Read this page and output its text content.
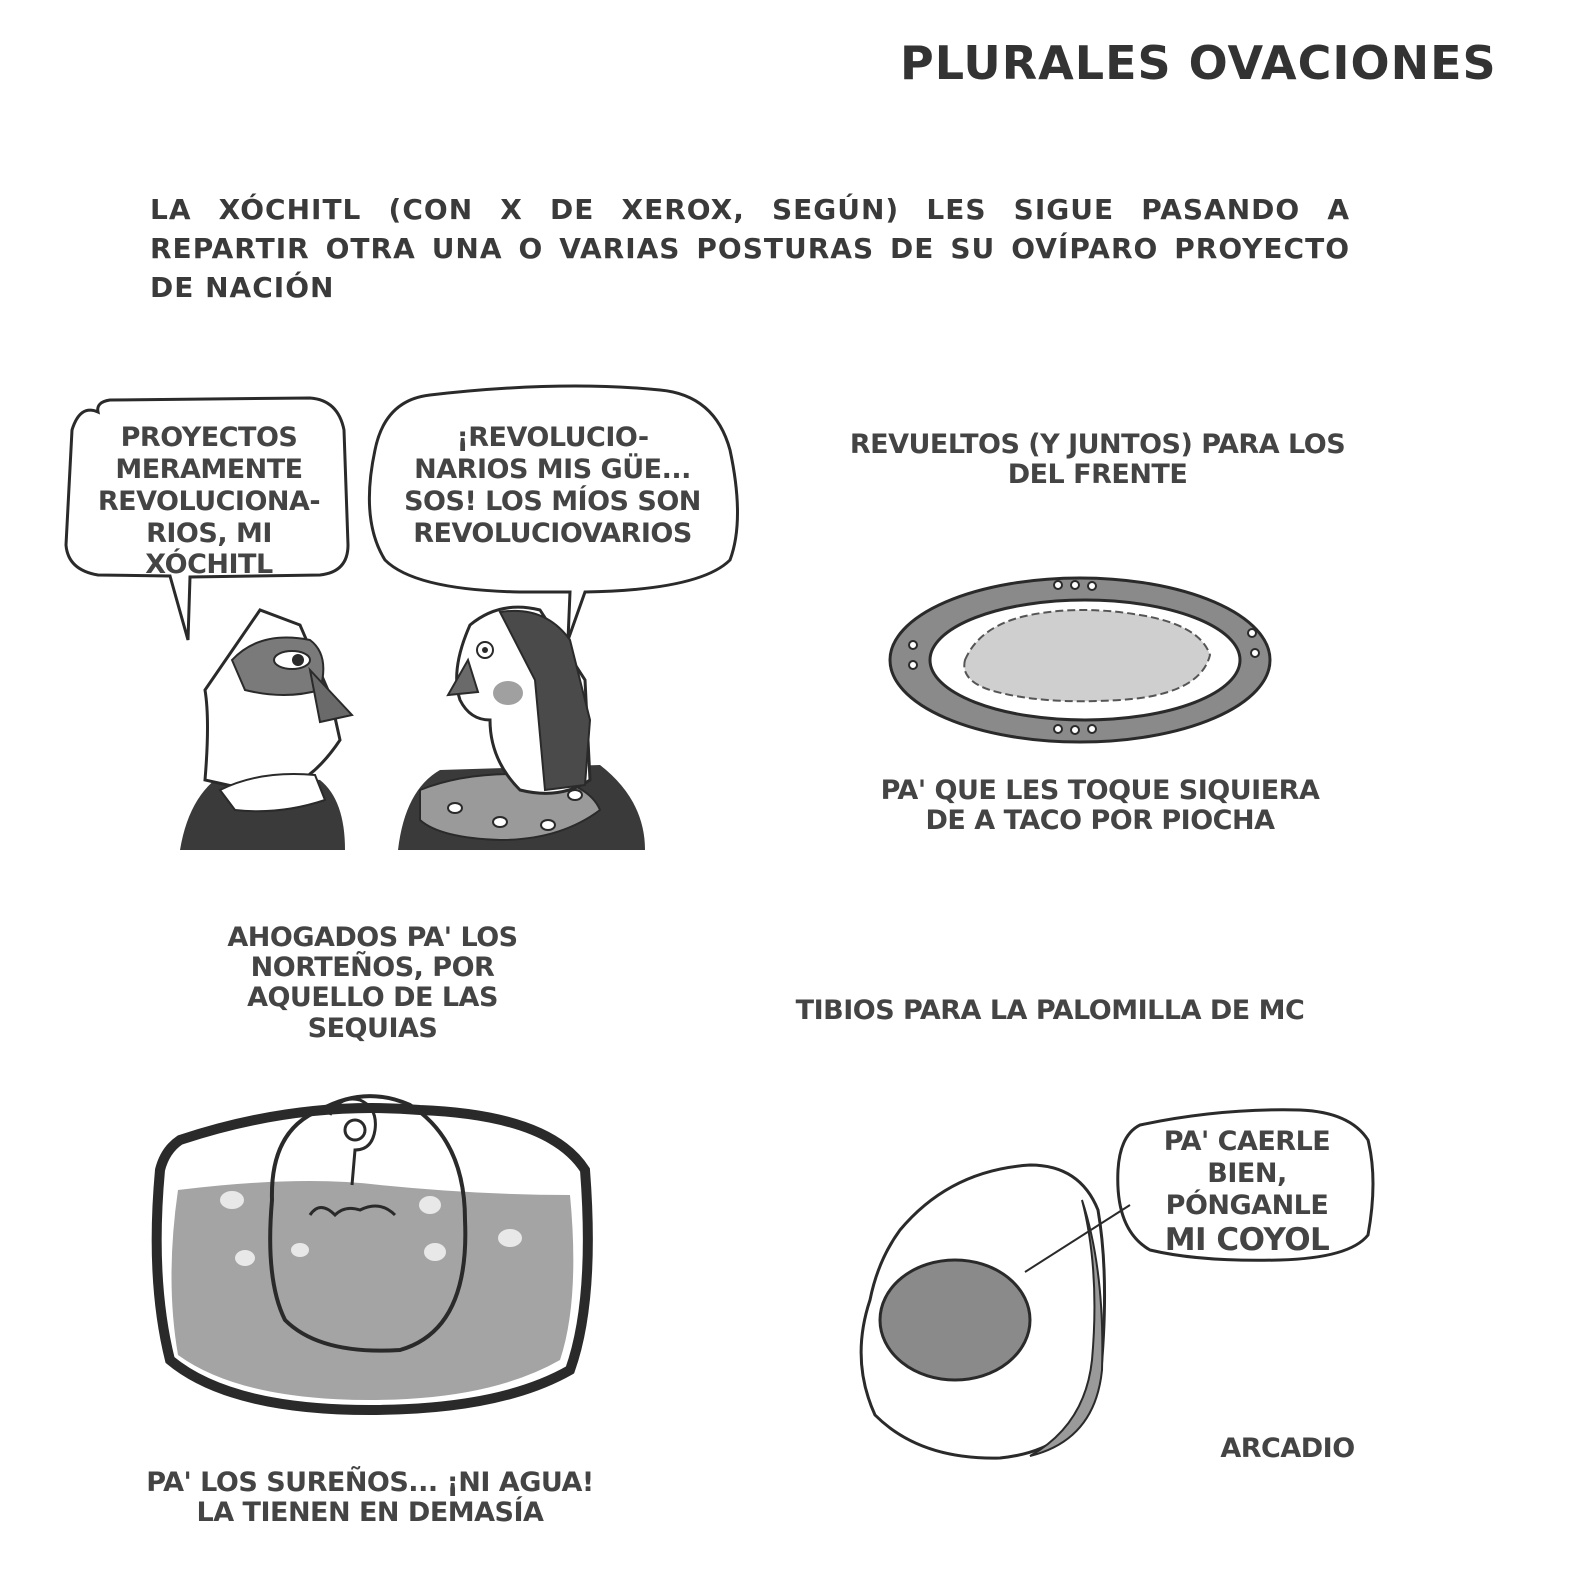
PLURALES OVACIONES
LA XÓCHITL (CON X DE XEROX, SEGÚN) LES SIGUE PASANDO A REPARTIR OTRA UNA O VARIAS POSTURAS DE SU OVÍPARO PROYECTO DE NACIÓN
PROYECTOS
MERAMENTE
REVOLUCIONA-
RIOS, MI XÓCHITL
¡REVOLUCIO-
NARIOS MIS GÜE...
SOS! LOS MÍOS SON
REVOLUCIOVARIOS
REVUELTOS (Y JUNTOS) PARA LOS
DEL FRENTE
PA' QUE LES TOQUE SIQUIERA
DE A TACO POR PIOCHA
AHOGADOS PA' LOS
NORTEÑOS, POR
AQUELLO DE LAS
SEQUIAS
TIBIOS PARA LA PALOMILLA DE MC
PA' CAERLE
BIEN, PÓNGANLE
MI COYOL
PA' LOS SUREÑOS... ¡NI AGUA!
LA TIENEN EN DEMASÍA
ARCADIO
